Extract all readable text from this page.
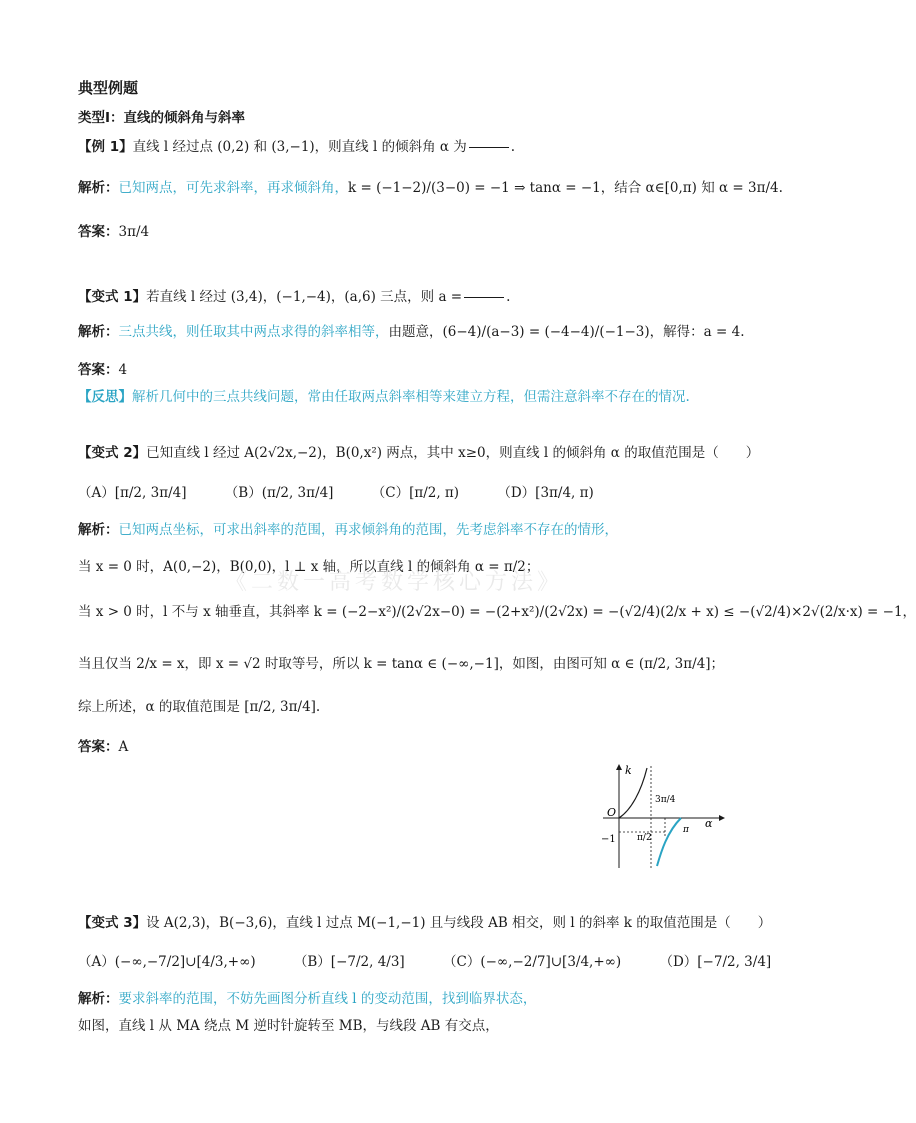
典型例题
类型Ⅰ：直线的倾斜角与斜率
【例 1】直线 l 经过点 (0,2) 和 (3,−1)，则直线 l 的倾斜角 α 为	.
解析：已知两点，可先求斜率，再求倾斜角，k = (−1−2)/(3−0) = −1 ⇒ tanα = −1，结合 α∈[0,π) 知 α = 3π/4.
答案：3π/4
【变式 1】若直线 l 经过 (3,4)，(−1,−4)，(a,6) 三点，则 a =	.
解析：三点共线，则任取其中两点求得的斜率相等，由题意，(6−4)/(a−3) = (−4−4)/(−1−3)，解得：a = 4.
答案：4
【反思】解析几何中的三点共线问题，常由任取两点斜率相等来建立方程，但需注意斜率不存在的情况.
【变式 2】已知直线 l 经过 A(2√2x,−2)，B(0,x²) 两点，其中 x≥0，则直线 l 的倾斜角 α 的取值范围是（　　）
（A）[π/2, 3π/4]	（B）(π/2, 3π/4]	（C）[π/2, π)	（D）[3π/4, π)
解析：已知两点坐标，可求出斜率的范围，再求倾斜角的范围，先考虑斜率不存在的情形，
当 x = 0 时，A(0,−2)，B(0,0)，l ⊥ x 轴，所以直线 l 的倾斜角 α = π/2；
《二数一高考数学核心方法》
当 x > 0 时，l 不与 x 轴垂直，其斜率 k = (−2−x²)/(2√2x−0) = −(2+x²)/(2√2x) = −(√2/4)(2/x + x) ≤ −(√2/4)×2√(2/x·x) = −1，
当且仅当 2/x = x，即 x = √2 时取等号，所以 k = tanα ∈ (−∞,−1]，如图，由图可知 α ∈ (π/2, 3π/4]；
综上所述，α 的取值范围是 [π/2, 3π/4].
答案：A
k
α
O
−1
3π/4
π/2
π
【变式 3】设 A(2,3)，B(−3,6)，直线 l 过点 M(−1,−1) 且与线段 AB 相交，则 l 的斜率 k 的取值范围是（　　）
（A）(−∞,−7/2]∪[4/3,+∞)	（B）[−7/2, 4/3]	（C）(−∞,−2/7]∪[3/4,+∞)	（D）[−7/2, 3/4]
解析：要求斜率的范围，不妨先画图分析直线 l 的变动范围，找到临界状态，
如图，直线 l 从 MA 绕点 M 逆时针旋转至 MB，与线段 AB 有交点，
